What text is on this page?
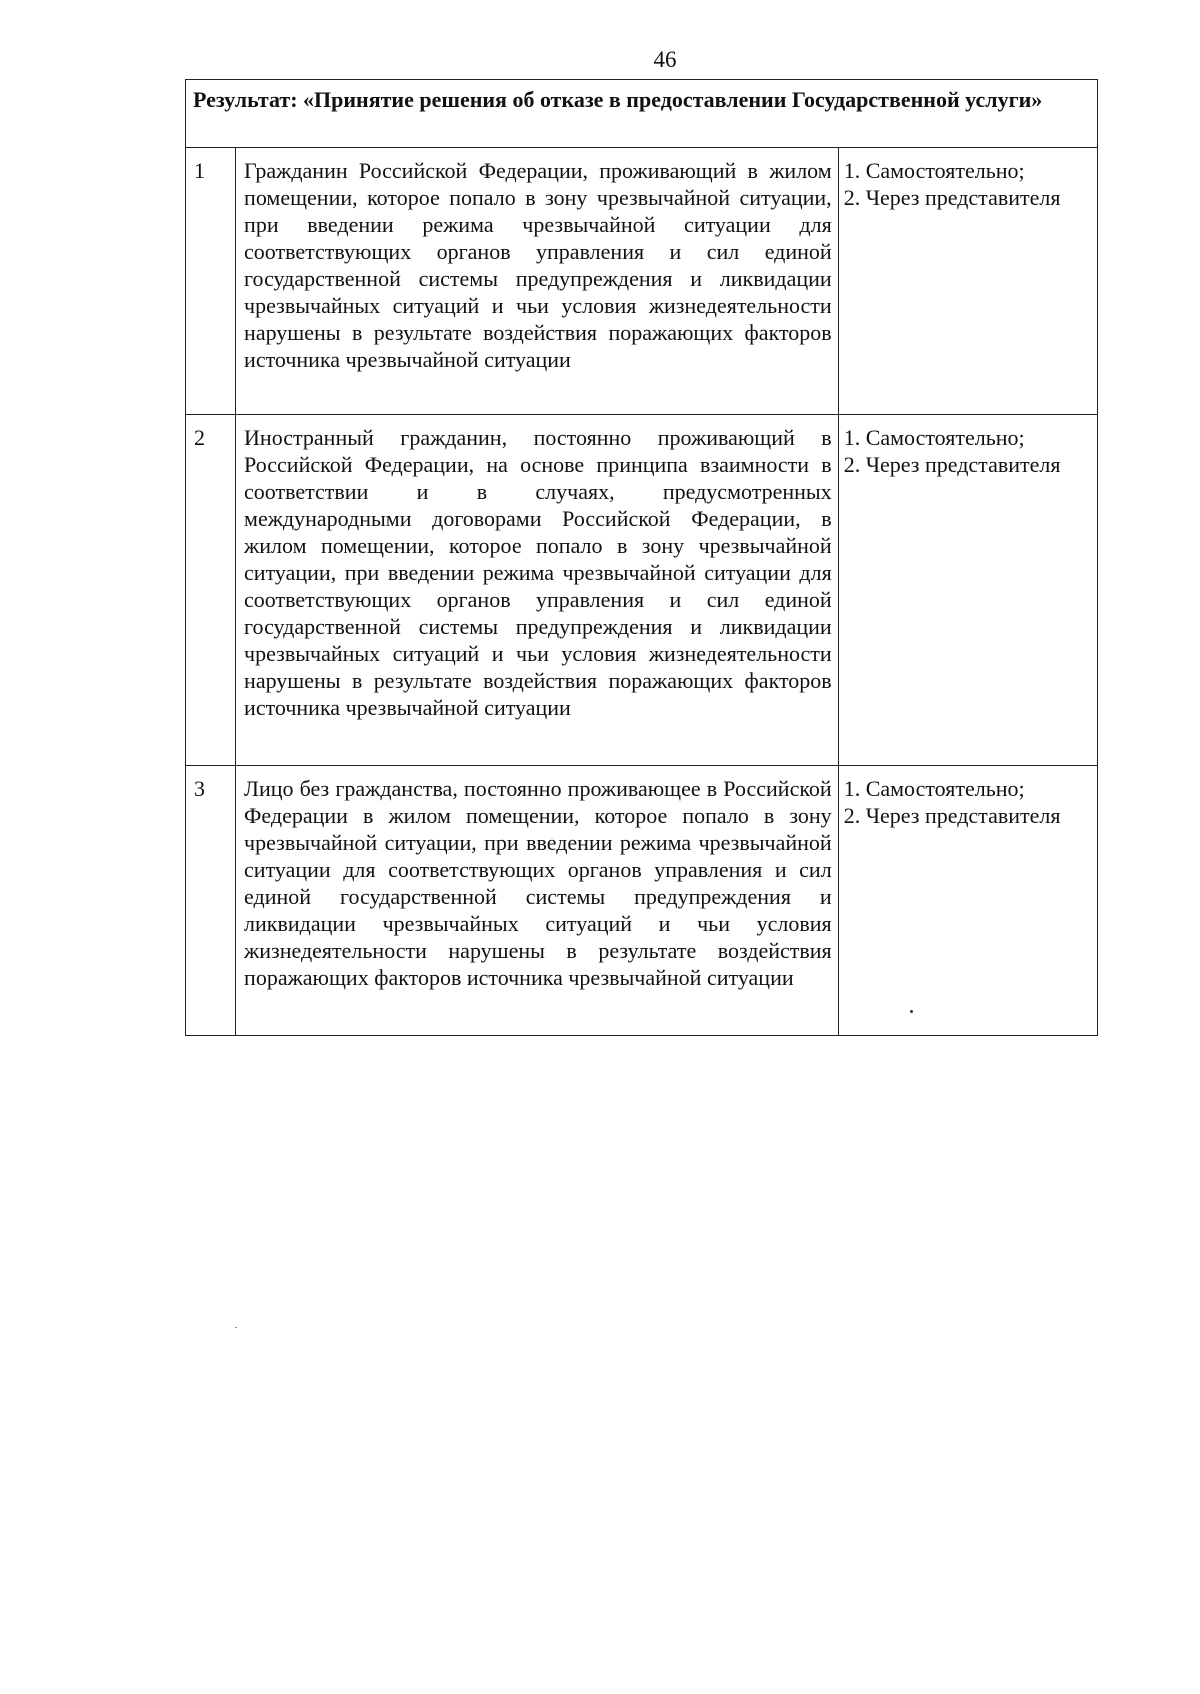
46
Результат: «Принятие решения об отказе в предоставлении Государственной услуги»		
1	Гражданин Российской Федерации, проживающий в жилом помещении, которое попало в зону чрезвычайной ситуации, при введении режима чрезвычайной ситуации для соответствующих органов управления и сил единой государственной системы предупреждения и ликвидации чрезвычайных ситуаций и чьи условия жизнедеятельности нарушены в результате воздействия поражающих факторов источника чрезвычайной ситуации	1. Самостоятельно;
2. Через представителя

2	Иностранный гражданин, постоянно проживающий в Российской Федерации, на основе принципа взаимности в соответствии и в случаях, предусмотренных международными договорами Российской Федерации, в жилом помещении, которое попало в зону чрезвычайной ситуации, при введении режима чрезвычайной ситуации для соответствующих органов управления и сил единой государственной системы предупреждения и ликвидации чрезвычайных ситуаций и чьи условия жизнедеятельности нарушены в результате воздействия поражающих факторов источника чрезвычайной ситуации	1. Самостоятельно;
2. Через представителя

3	Лицо без гражданства, постоянно проживающее в Российской Федерации в жилом помещении, которое попало в зону чрезвычайной ситуации, при введении режима чрезвычайной ситуации для соответствующих органов управления и сил единой государственной системы предупреждения и ликвидации чрезвычайных ситуаций и чьи условия жизнедеятельности нарушены в результате воздействия поражающих факторов источника чрезвычайной ситуации	1. Самостоятельно;
2. Через представителя
